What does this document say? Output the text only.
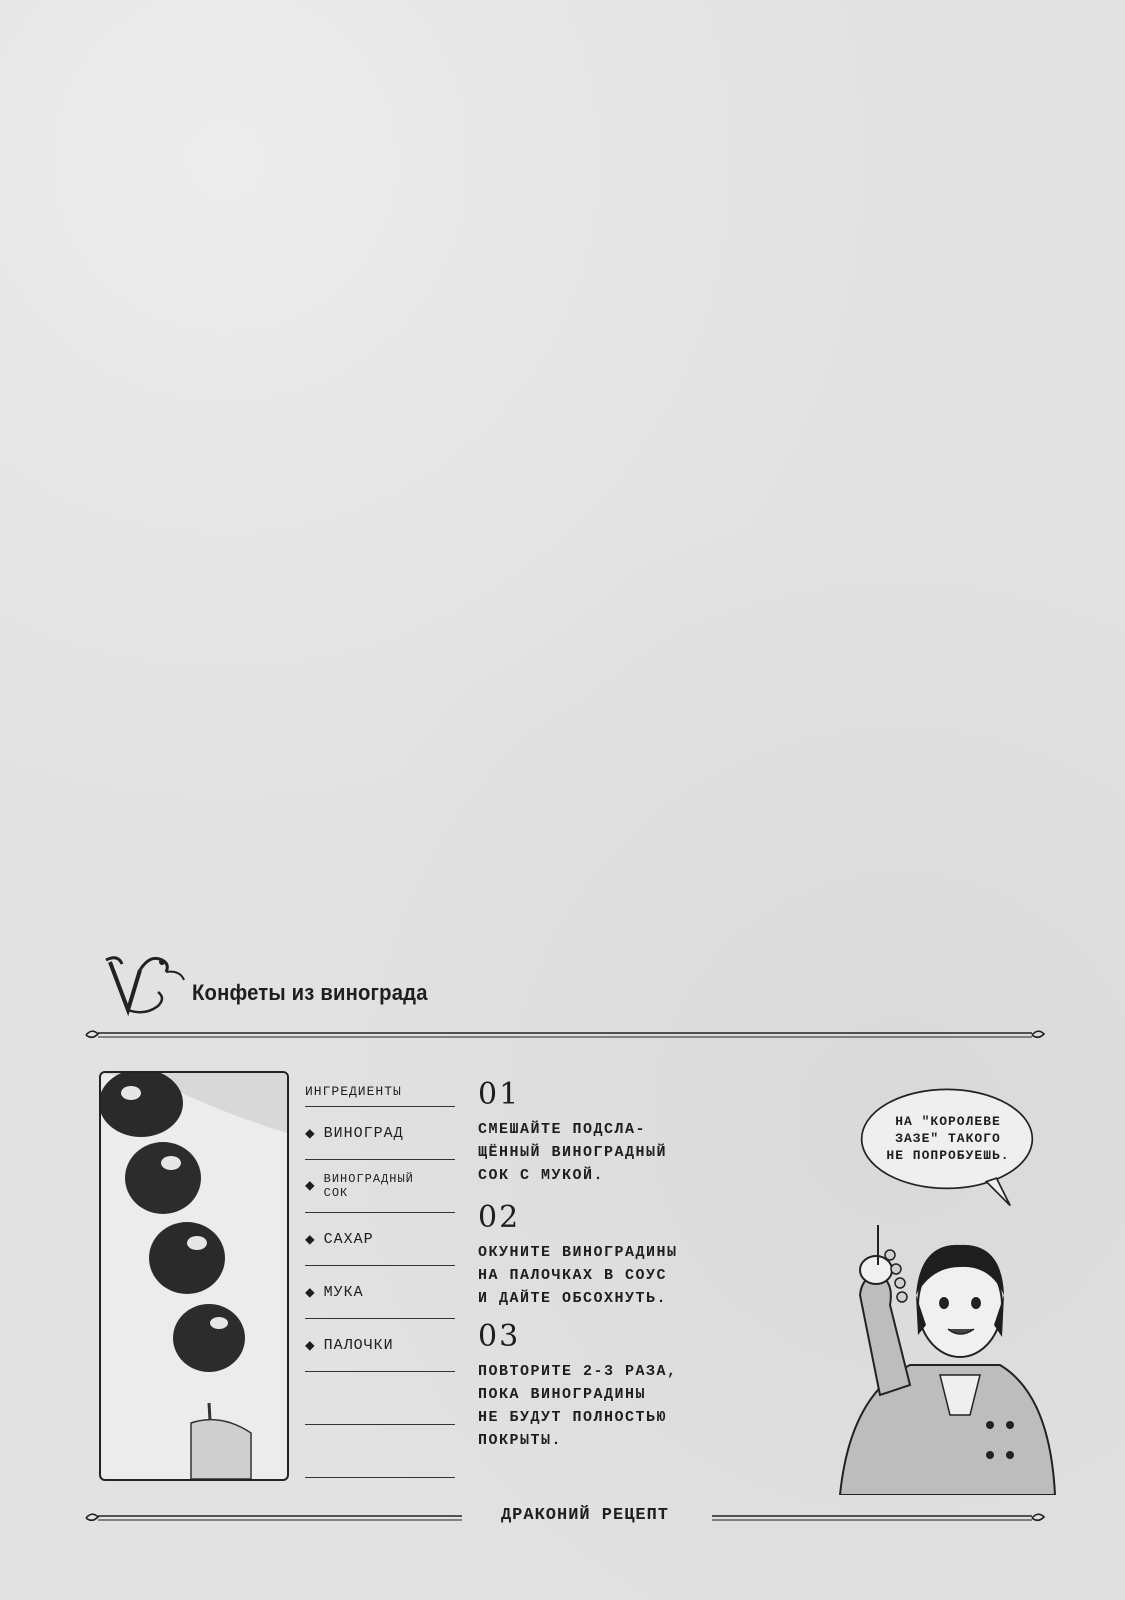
Конфеты из винограда
ИНГРЕДИЕНТЫ
◆ ВИНОГРАД
◆ ВИНОГРАДНЫЙ СОК
◆ САХАР
◆ МУКА
◆ ПАЛОЧКИ
01
СМЕШАЙТЕ ПОДСЛА-
ЩЁННЫЙ ВИНОГРАДНЫЙ
СОК С МУКОЙ.
02
ОКУНИТЕ ВИНОГРАДИНЫ
НА ПАЛОЧКАХ В СОУС
И ДАЙТЕ ОБСОХНУТЬ.
03
ПОВТОРИТЕ 2-3 РАЗА,
ПОКА ВИНОГРАДИНЫ
НЕ БУДУТ ПОЛНОСТЬЮ
ПОКРЫТЫ.
НА "КОРОЛЕВЕ
ЗАЗЕ" ТАКОГО
НЕ ПОПРОБУЕШЬ.
ДРАКОНИЙ РЕЦЕПТ
